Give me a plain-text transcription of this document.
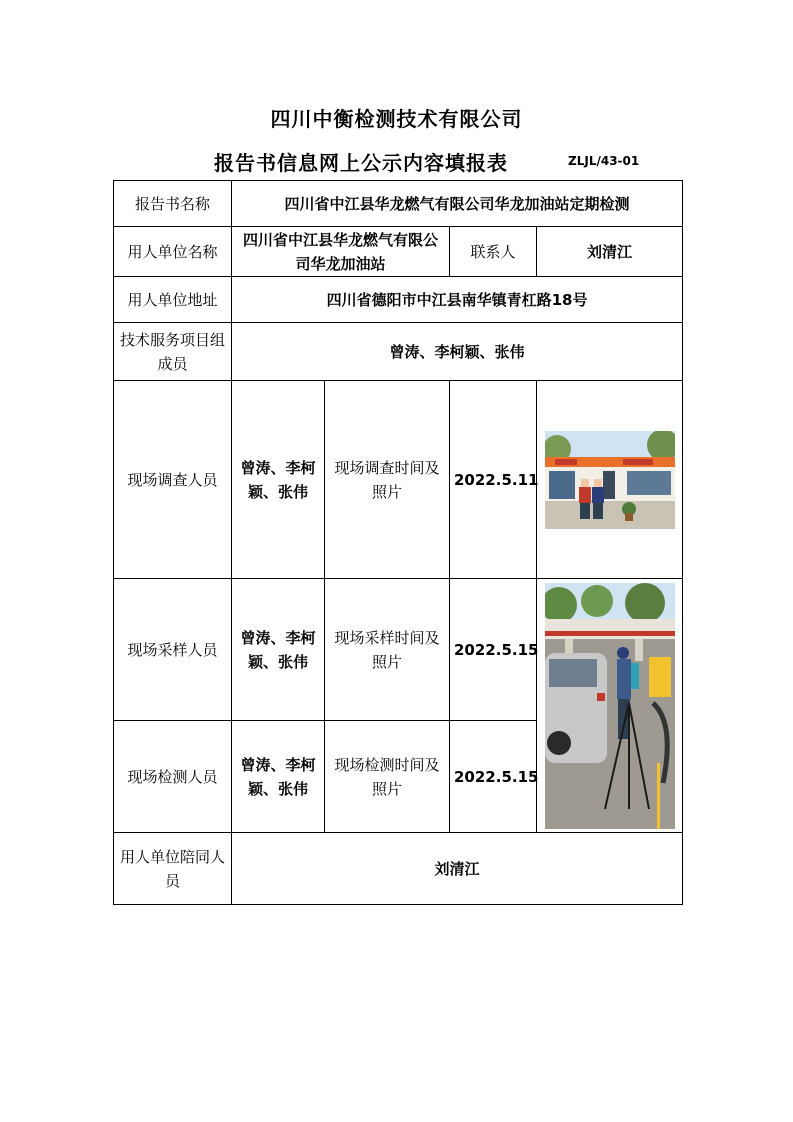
四川中衡检测技术有限公司
报告书信息网上公示内容填报表	ZLJL/43-01
报告书名称	四川省中江县华龙燃气有限公司华龙加油站定期检测			
用人单位名称	四川省中江县华龙燃气有限公司华龙加油站		联系人	刘清江
用人单位地址	四川省德阳市中江县南华镇青杠路18号			
技术服务项目组成员	曾涛、李柯颖、张伟			
现场调查人员	曾涛、李柯颖、张伟	现场调查时间及照片	2022.5.11	

现场采样人员	曾涛、李柯颖、张伟	现场采样时间及照片	2022.5.15	

现场检测人员	曾涛、李柯颖、张伟	现场检测时间及照片	2022.5.15	
用人单位陪同人员	刘清江			
